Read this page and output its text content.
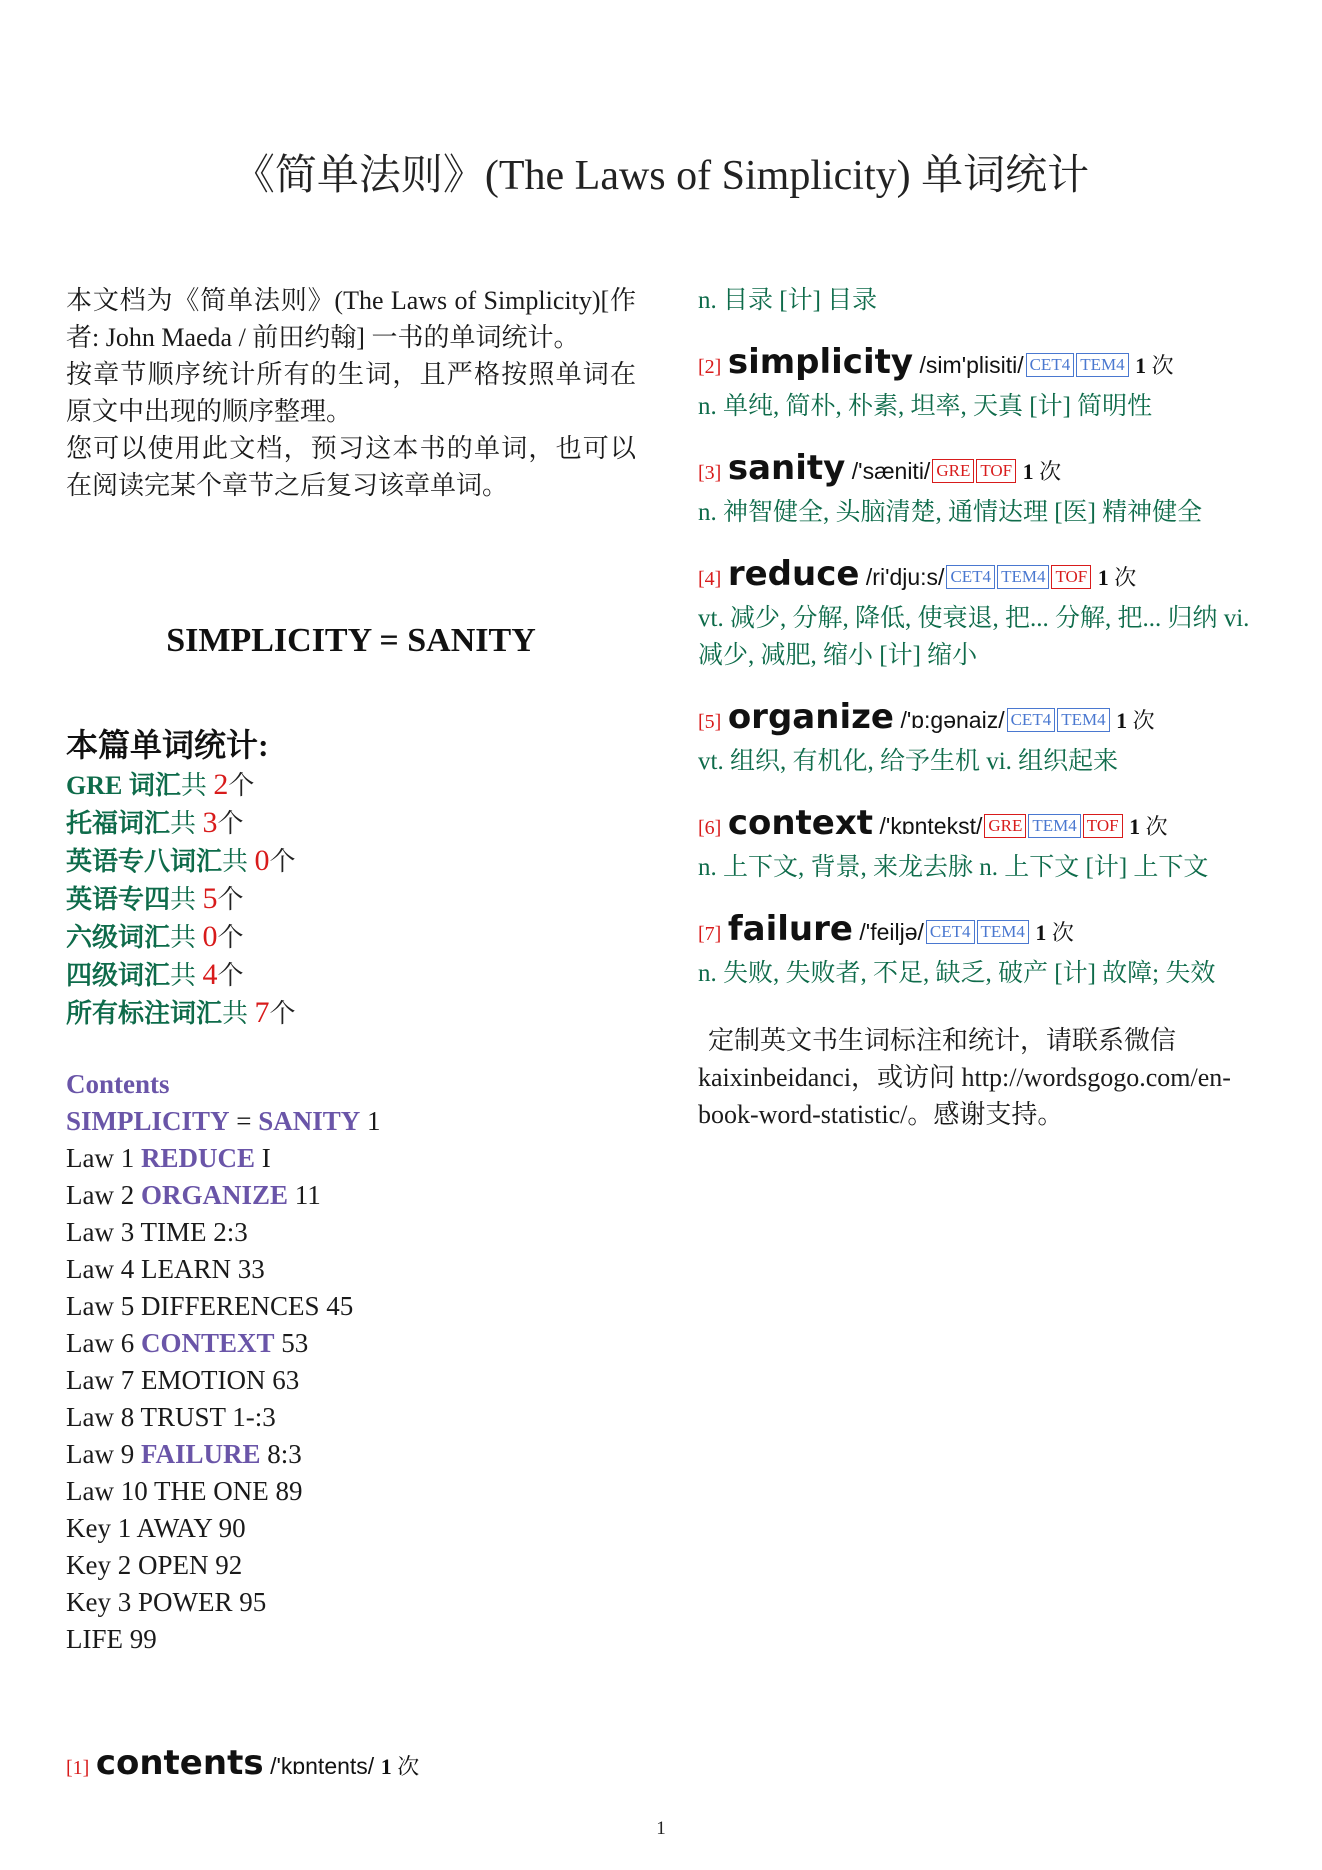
《简单法则》(The Laws of Simplicity) 单词统计

本文档为《简单法则》(The Laws of Simplicity)[作者: John Maeda / 前田约翰] 一书的单词统计。

按章节顺序统计所有的生词，且严格按照单词在原文中出现的顺序整理。

您可以使用此文档，预习这本书的单词，也可以在阅读完某个章节之后复习该章单词。

SIMPLICITY = SANITY
本篇单词统计:
GRE 词汇共 2个
托福词汇共 3个
英语专八词汇共 0个
英语专四共 5个
六级词汇共 0个
四级词汇共 4个
所有标注词汇共 7个
Contents
SIMPLICITY = SANITY 1
Law 1 REDUCE I
Law 2 ORGANIZE 11
Law 3 TIME 2:3
Law 4 LEARN 33
Law 5 DIFFERENCES 45
Law 6 CONTEXT 53
Law 7 EMOTION 63
Law 8 TRUST 1-:3
Law 9 FAILURE 8:3
Law 10 THE ONE 89
Key 1 AWAY 90
Key 2 OPEN 92
Key 3 POWER 95
LIFE 99
n. 目录 [计] 目录
[2] simplicity /sim'plisiti/ CET4 TEM4 1 次
n. 单纯, 简朴, 朴素, 坦率, 天真 [计] 简明性
[3] sanity /'sæniti/ GRE TOF 1 次
n. 神智健全, 头脑清楚, 通情达理 [医] 精神健全
[4] reduce /ri'dju:s/ CET4 TEM4 TOF 1 次
vt. 减少, 分解, 降低, 使衰退, 把... 分解, 把... 归纳 vi. 减少, 减肥, 缩小 [计] 缩小
[5] organize /'ɒ:gənaiz/ CET4 TEM4 1 次
vt. 组织, 有机化, 给予生机 vi. 组织起来
[6] context /'kɒntekst/ GRE TEM4 TOF 1 次
n. 上下文, 背景, 来龙去脉 n. 上下文 [计] 上下文
[7] failure /'feiljə/ CET4 TEM4 1 次
n. 失败, 失败者, 不足, 缺乏, 破产 [计] 故障; 失效
定制英文书生词标注和统计，请联系微信 kaixinbeidanci，或访问 http://wordsgogo.com/en-book-word-statistic/。感谢支持。
[1] contents /'kɒntents/ 1 次
1
